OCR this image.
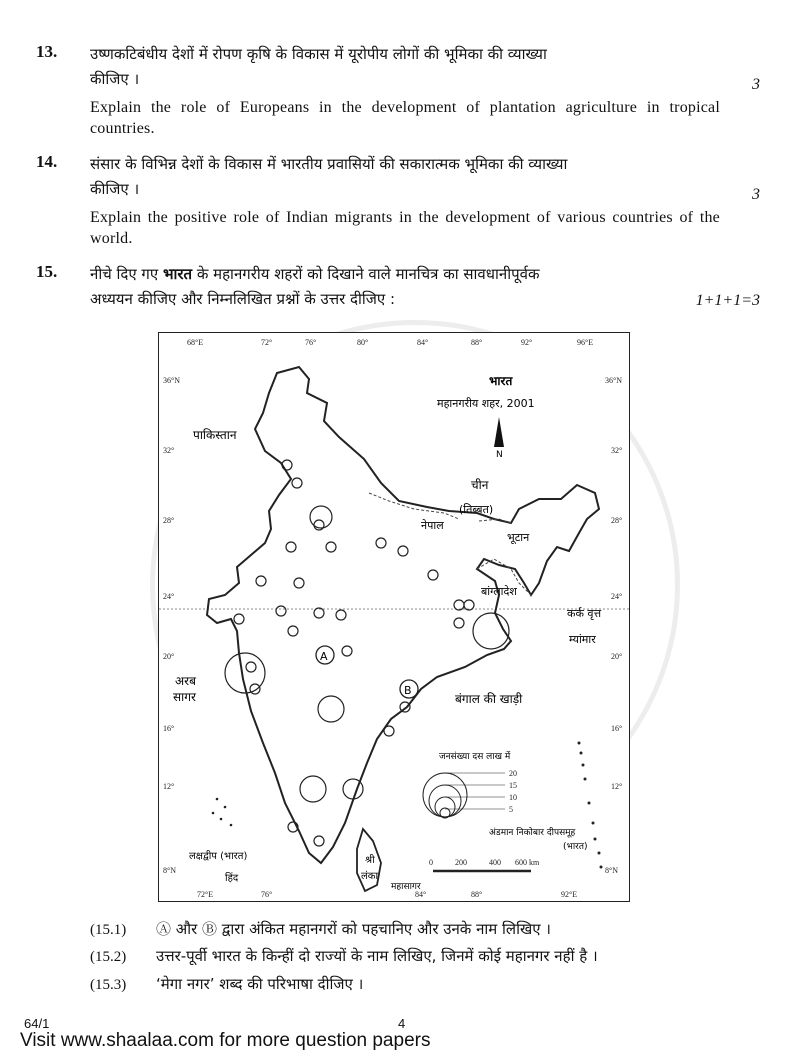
13. उष्णकटिबंधीय देशों में रोपण कृषि के विकास में यूरोपीय लोगों की भूमिका की व्याख्या
कीजिए ।
Explain the role of Europeans in the development of plantation agriculture in tropical countries.
3
14. संसार के विभिन्न देशों के विकास में भारतीय प्रवासियों की सकारात्मक भूमिका की व्याख्या
कीजिए ।
Explain the positive role of Indian migrants in the development of various countries of the world.
3
15. नीचे दिए गए भारत के महानगरीय शहरों को दिखाने वाले मानचित्र का सावधानीपूर्वक
अध्ययन कीजिए और निम्नलिखित प्रश्नों के उत्तर दीजिए :	1+1+1=3
भारत
महानगरीय शहर, 2001
N
पाकिस्तान
चीन
(तिब्बत)
नेपाल
भूटान
बांग्लादेश
कर्क वृत्त
म्यांमार
अरब
सागर	बंगाल की खाड़ी
लक्षद्वीप (भारत)
हिंद
महासागर
श्री
लंका
अंडमान निकोबार दीपसमूह
(भारत)
A
B
जनसंख्या दस लाख में
20
15
10
5
0	200	400 600 km
68°E	72°	76°	80°	84°	88°	92°	96°E
72°E	76°	84°	88°	92°E
36°N
32°
28°
24°
20°
16°
12°
8°N
36°N
32°
28°
24°
20°
16°
12°
8°N
(15.1) Ⓐ और Ⓑ द्वारा अंकित महानगरों को पहचानिए और उनके नाम लिखिए ।
(15.2) उत्तर-पूर्वी भारत के किन्हीं दो राज्यों के नाम लिखिए, जिनमें कोई महानगर नहीं है ।
(15.3) ‘मेगा नगर’ शब्द की परिभाषा दीजिए ।
64/1	4
Visit www.shaalaa.com for more question papers
